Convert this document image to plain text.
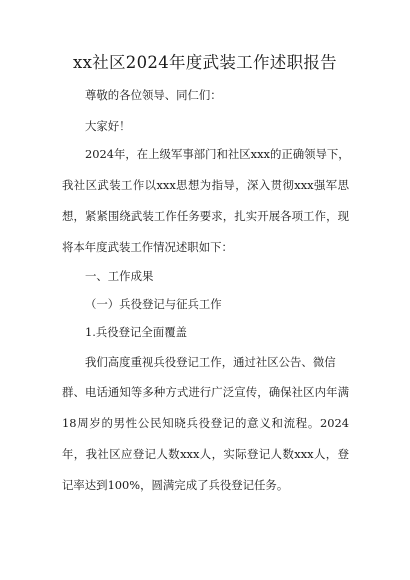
xx社区2024年度武装工作述职报告
尊敬的各位领导、同仁们：
大家好！
2024年，在上级军事部门和社区xxx的正确领导下，
我社区武装工作以xxx思想为指导，深入贯彻xxx强军思
想，紧紧围绕武装工作任务要求，扎实开展各项工作，现
将本年度武装工作情况述职如下：
一、工作成果
（一）兵役登记与征兵工作
1.兵役登记全面覆盖
我们高度重视兵役登记工作，通过社区公告、微信
群、电话通知等多种方式进行广泛宣传，确保社区内年满
18周岁的男性公民知晓兵役登记的意义和流程。2024
年，我社区应登记人数xxx人，实际登记人数xxx人，登
记率达到100%，圆满完成了兵役登记任务。
